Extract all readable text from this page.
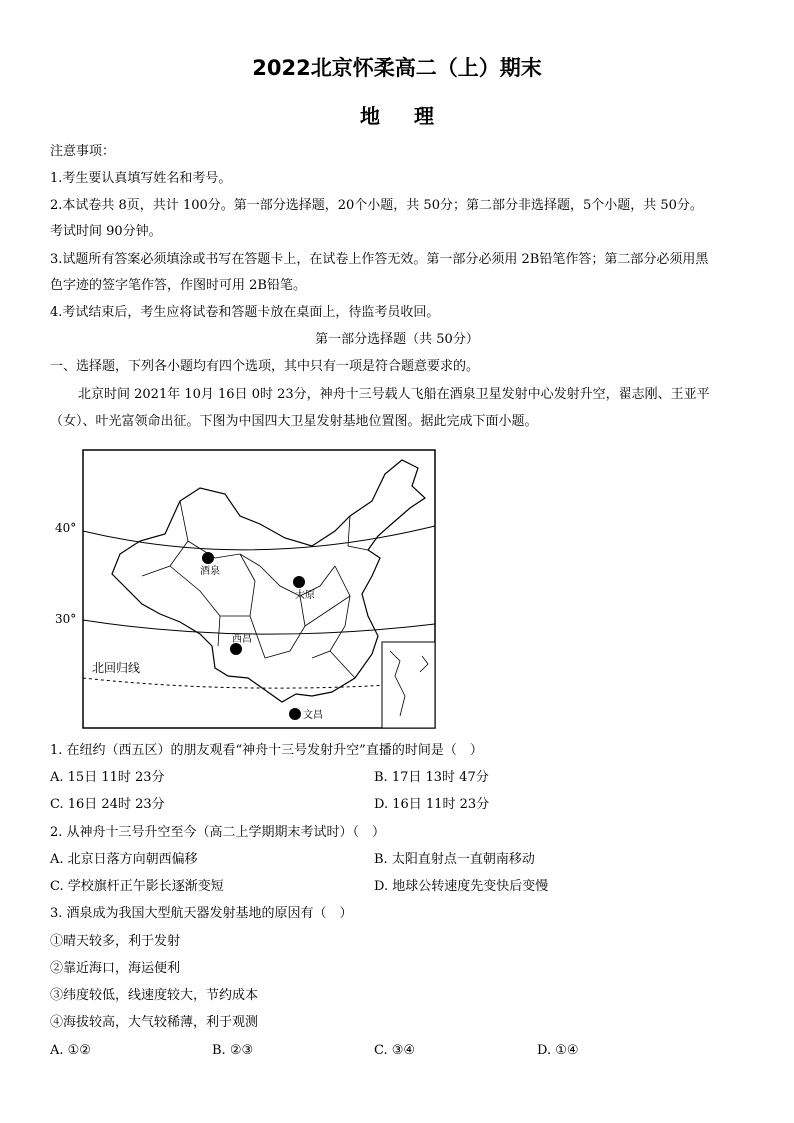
2022北京怀柔高二（上）期末
地理
注意事项：
1.考生要认真填写姓名和考号。
2.本试卷共 8页，共计 100分。第一部分选择题，20个小题，共 50分；第二部分非选择题，5个小题，共 50分。
考试时间 90分钟。
3.试题所有答案必须填涂或书写在答题卡上，在试卷上作答无效。第一部分必须用 2B铅笔作答；第二部分必须用黑
色字迹的签字笔作答，作图时可用 2B铅笔。
4.考试结束后，考生应将试卷和答题卡放在桌面上，待监考员收回。
第一部分选择题（共 50分）
一、选择题，下列各小题均有四个选项，其中只有一项是符合题意要求的。
北京时间 2021年 10月 16日 0时 23分，神舟十三号载人飞船在酒泉卫星发射中心发射升空，翟志刚、王亚平
（女）、叶光富领命出征。下图为中国四大卫星发射基地位置图。据此完成下面小题。
40°
30°
北回归线
酒泉
太原
西昌
文昌
1. 在纽约（西五区）的朋友观看“神舟十三号发射升空”直播的时间是（　）
A. 15日 11时 23分	B. 17日 13时 47分
C. 16日 24时 23分	D. 16日 11时 23分
2. 从神舟十三号升空至今（高二上学期期末考试时）（　）
A. 北京日落方向朝西偏移	B. 太阳直射点一直朝南移动
C. 学校旗杆正午影长逐渐变短	D. 地球公转速度先变快后变慢
3. 酒泉成为我国大型航天器发射基地的原因有（　）
①晴天较多，利于发射
②靠近海口，海运便利
③纬度较低，线速度较大，节约成本
④海拔较高，大气较稀薄，利于观测
A. ①②	B. ②③	C. ③④	D. ①④
